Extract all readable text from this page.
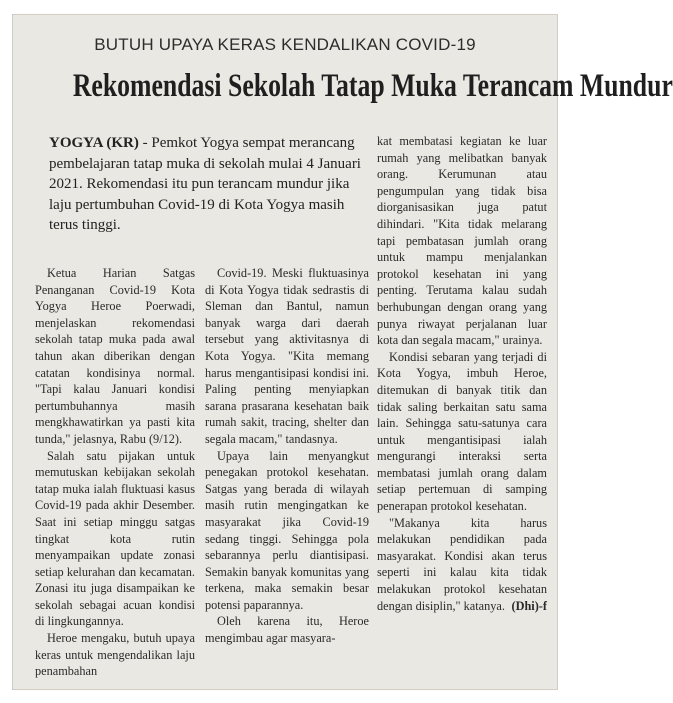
BUTUH UPAYA KERAS KENDALIKAN COVID-19
Rekomendasi Sekolah Tatap Muka Terancam Mundur
YOGYA (KR) - Pemkot Yogya sempat merancang pembelajaran tatap muka di sekolah mulai 4 Januari 2021. Rekomendasi itu pun terancam mundur jika laju pertumbuhan Covid-19 di Kota Yogya masih terus tinggi.

Ketua Harian Satgas Penanganan Covid-19 Kota Yogya Heroe Poerwadi, menjelaskan rekomendasi sekolah tatap muka pada awal tahun akan diberikan dengan catatan kondisinya normal. "Tapi kalau Januari kondisi pertumbuhannya masih mengkhawatirkan ya pasti kita tunda," jelasnya, Rabu (9/12).

Salah satu pijakan untuk memutuskan kebijakan sekolah tatap muka ialah fluktuasi kasus Covid-19 pada akhir Desember. Saat ini setiap minggu satgas tingkat kota rutin menyampaikan update zonasi setiap kelurahan dan kecamatan. Zonasi itu juga disampaikan ke sekolah sebagai acuan kondisi di lingkungannya.

Heroe mengaku, butuh upaya keras untuk mengendalikan laju penambahan

Covid-19. Meski fluktuasinya di Kota Yogya tidak sedrastis di Sleman dan Bantul, namun banyak warga dari daerah tersebut yang aktivitasnya di Kota Yogya. "Kita memang harus mengantisipasi kondisi ini. Paling penting menyiapkan sarana prasarana kesehatan baik rumah sakit, tracing, shelter dan segala macam," tandasnya.

Upaya lain menyangkut penegakan protokol kesehatan. Satgas yang berada di wilayah masih rutin mengingatkan ke masyarakat jika Covid-19 sedang tinggi. Sehingga pola sebarannya perlu diantisipasi. Semakin banyak komunitas yang terkena, maka semakin besar potensi paparannya.

Oleh karena itu, Heroe mengimbau agar masyara-

kat membatasi kegiatan ke luar rumah yang melibatkan banyak orang. Kerumunan atau pengumpulan yang tidak bisa diorganisasikan juga patut dihindari. "Kita tidak melarang tapi pembatasan jumlah orang untuk mampu menjalankan protokol kesehatan ini yang penting. Terutama kalau sudah berhubungan dengan orang yang punya riwayat perjalanan luar kota dan segala macam," urainya.

Kondisi sebaran yang terjadi di Kota Yogya, imbuh Heroe, ditemukan di banyak titik dan tidak saling berkaitan satu sama lain. Sehingga satu-satunya cara untuk mengantisipasi ialah mengurangi interaksi serta membatasi jumlah orang dalam setiap pertemuan di samping penerapan protokol kesehatan.

"Makanya kita harus melakukan pendidikan pada masyarakat. Kondisi akan terus seperti ini kalau kita tidak melakukan protokol kesehatan dengan disiplin," katanya. (Dhi)-f
